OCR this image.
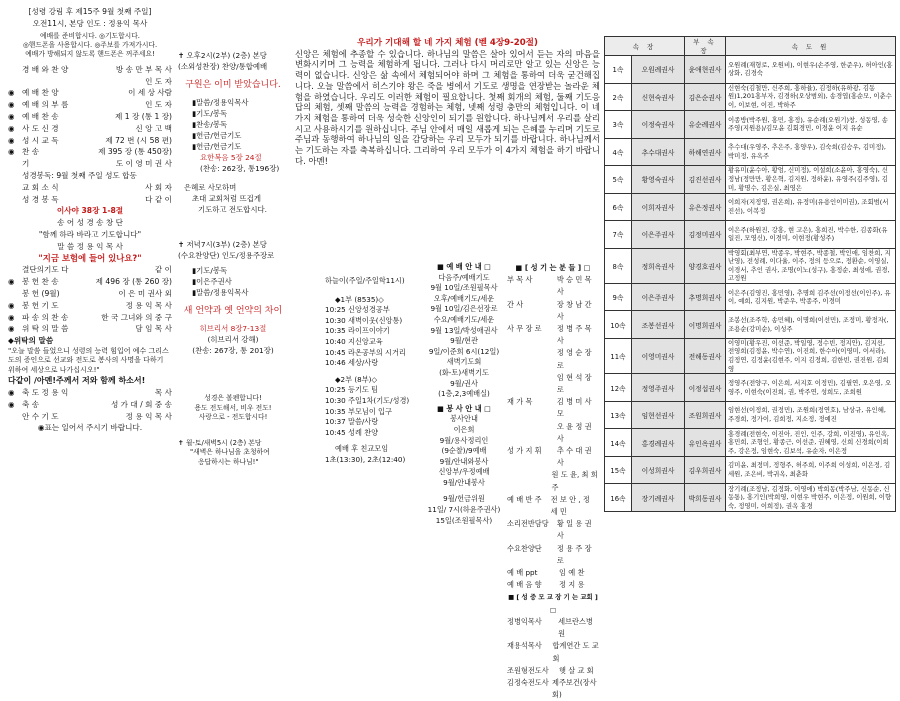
[성령 강림 후 제15주 9월 첫째 주일]
오전11시, 본당 인도 : 정용익 목사
예배를 준비합시다. ◎기도합시다.
◎핸드폰을 사용합시다. ◎주보를 가져가시다.
예배가 방해되지 않도록 핸드폰은 꺼주세요!
경 배 와 찬 양	방 송 만 부 목 사
인 도 자
◉ 예 배 찬 양	이 세 상 사람
◉ 예 배 의 부 름	인 도 자
◉ 예 배 찬 송	제 1 장 (통 1 장)
◉ 사 도 신 경	신 앙 고 백
◉ 성 시 교 독	제 72 번 (시 58 편)
◉ 찬 송	제 395 장 (통 450장)
기	도 이 영 미 권 사
성경봉독: 9월 첫째 주일 성도 합동
교 회 소 식	사 회 자
성 경 봉 독	다 같 이
이사야 38장 1-8절
송 어 성 경 송 창 단
"함께 하라 바라고 기도합니다"
말 씀 정 용 익 목 사
"지금 보험에 들어 있나요?"
결단의기도 다	같 이
◉ 봉 헌 찬 송	제 496 장 (통 260 장)
봉 헌 (9월)	이 은 미 권사 외
◉ 봉 헌 기 도	정 용 익 목 사
◉ 파 송 의 찬 송	한 국 그녀와 의 중 구
◉ 위 탁 의 말 씀	담 임 목 사
◆위탁의 말씀
"오늘 말씀 들었으니 성령의 능력 힘입어 예수 그리스도의 증인으로 선교와 전도로 봉사의 사명을 다하기 위하여 세상으로 나가십시오!"
다같이 /아멘!주께서 저와 함께 하소서!
◉ 축 도 정 용 익	목 사
◉ 축 송	성 가 대 / 회 중 송
안 수 기 도	정 용 익 목 사
◉표는 일어서 주시기 바랍니다.
✝ 오후2시(2부) (2층) 본당
(소외성찬장) 찬양/통합예배
구원은 이미 받았습니다.
▮말씀/정용익목사
▮기도/봉독
▮찬송/봉독
▮헌금/헌금기도
▮헌금/헌금기도
요한복음 5장 24절
(찬송: 262장, 통196장)
은혜로 사모하며
초대 교회처럼 뜨겁게
기도하고 전도합시다.
✝ 저녁7시(3부) (2층) 본당
(수요찬양단) 인도/정용주장로
▮기도/봉독
▮이은주권사
▮말씀/정용익목사
새 언약과 옛 언약의 차이
히브리서 8장7-13절
(히브리서 강해)
(찬송: 267장, 통 201장)
성경은 볼펜합니다!
용도 전도해서, 비우 전도!
사랑으로 - 전도합시다!
✝ 월-토/새벽5시 (2층) 본당
"새벽은 하나님을 초청하여
응답하시는 하나님!"
우리가 기대해 할 네 가지 체험 (벧 4장9-20절)
신앙은 체험에 추종할 수 있습니다. 하나님의 말씀은 살아 있어서 듣는 자의 마음을 변화시키며 그 능력을 체험하게 됩니다. 그러나 다시 머리로만 알고 있는 신앙은 능력이 없습니다. 신앙은 삶 속에서 체험되어야 하며 그 체험을 통하여 더욱 굳건해집니다. 오늘 말씀에서 히스기야 왕은 죽을 병에서 기도로 생명을 연장받는 놀라운 체험을 하였습니다. 우리도 이러한 체험이 필요합니다. 첫째 회개의 체험, 둘째 기도응답의 체험, 셋째 말씀의 능력을 경험하는 체험, 넷째 성령 충만의 체험입니다. 이 네 가지 체험을 통하여 더욱 성숙한 신앙인이 되기를 원합니다. 하나님께서 우리를 살리시고 사용하시기를 원하십니다. 주님 안에서 매일 새롭게 되는 은혜를 누리며 기도로 주님과 동행하여 하나님의 일을 감당하는 우리 모두가 되기를 바랍니다. 하나님께서는 기도하는 자를 축복하십니다. 그리하여 우리 모두가 이 4가지 체험을 하기 바랍니다. 아멘!
하늘이(주일/주일학11시)
◆1부 (8535)◇
10:25 신앙성경공부
10:30 새벽이웃(신앙통)
10:35 라이프이야기
10:40 지신앙교육
10:45 라온공부의 시거리
10:46 세상/사랑
◆2부 (8부)◇
10:25 등기도 팀
10:30 주일1차(기도/성경)
10:35 부모님이 입구
10:37 말씀/사랑
10:45 성례 찬양
예배 후 친교모임
1초(13:30), 2초(12:40)
■ 예 배 안 내 □
다음주/예배기도
9월 10일/조원필목사
오후/예배기도/세운
9월 10일/김은선장로
수요/예배기도/세운
9월 13일/박성애권사
9월/현관
9일/이준희 6시(12일)
새벽기도회
(화-토)새벽기도
9월/권사
(1층,2,3예배실)
■ 봉 사 안 내 □
봉사안내
이은희
9월/용사정리인
(9순찰)/9예배
9월/안내와봉사
신앙부/우정예배
9월/안내봉사
9월/헌금위원
11일/ 7시(하윤주권사)
15일(조원필목사)
■ [ 성 기 는 분 들 ] □
부 목 사	박 승 민 목 사
간 사	장 창 남 간 사
사 무 장 로	정 병 주 목 사
정 영 순 장 로
임 현 석 장 로
재 가 목	김 병 미 사 모
오 윤 정 권 사
성 가 지 휘	추 수 대 권 사
원 도 윤, 최 희 주
예 배 반 주	전 보 안 , 정 세 민
소리전반담당	황 일 용 권 사
수요찬양단	정 용 주 장 로
예 배 ppt	임 예 찬
예 배 음 향	정 지 용
■ [ 성 중 모 교 장 기 는 교회 ] □
정병익목사	세브란스병원
재용석목사	합계연간 도 교회
조원형전도사	햇 살 교 회
김정숙전도사 제주보건(장사회)
속 장		부 속 장	속 도 원
1속	오원례권사	윤애현권사	오원례(재형로, 오원비), 이현우(손주영, 한준우), 허아인(홍상화, 김경숙
2속	신현숙권사	김은순권사	신현숙(김철만, 신주희, 홍하율), 김정하(유하광, 김동원)1,201홍부자, 김경하(오상범외), 송경엽(홍순모, 이춘수 이, 이보현, 이진, 박하주
3속	이정숙권사	유순례권사	이종방(박주원, 홍민, 홍정), 유순례(오원기)창, 성동영, 송주영(지원용)/김모윤 김회경민, 이경윤 이지 유순
4속	추수대권사	하해연권사	추수대(우영주, 추은주, 홍양우), 김숙희(김승우, 김미정), 박미정, 유옥주
5속	황영숙권사	김진선권사	황유미(윤수아, 황엄, 신미정), 이설희(소윤아, 홍영숙), 신정남(정만만, 황은혁, 김지원, 정하윤), 유영주(김주영), 김미, 황명수, 김은실, 최영은
6속	이희자권사	유은정권사	이희자(지정영, 권온희), 유정미(유용인이미권), 조회범(서진선), 이복정
7속	이은주권사	김정미권사	이은주(하원진, 강홍, 현 고은), 홍희진, 박수한, 김종화(유일진, 모영신), 이경미, 이현정(황성주)
8속	정희옥권사	양경호권사	박영회(최부연, 박종우, 박현주, 박종철, 박인애, 임찬희, 지난영), 전성례, 이다율, 이주, 정의 등으로, 정환순, 이영실, 이경서, 추인 권사, 조명(이노(성구), 홍정순, 최성애, 권경, 고정원
9속	이은주권사	추명희권사	이은주(김영진, 홍민영), 추명희 김주선(이정선(이인주), 유이, 예희, 김지원, 박준우, 박종주, 이경미
10속	조봉선권사	이명희권사	조봉선(조주학, 송민혜), 이명희(이선민), 조정미, 황정자(, 조용순(강미순), 이성주
11속	이영미권사	전해동권사	이영미(황우진, 이선준, 박일영, 정수빈, 정지안), 김지선, 전영희(김정윤, 박수연), 이진희, 한수아(이영미, 이서라), 김정연, 김정윤(김현주, 이지 김정희, 김한빈, 권진원, 김희영
12속	정영주권사	이정섭권사	정영주(전양구, 이은희, 서지호 이정민), 김필연, 오은영, 오영주, 이현숙(이진희, 권, 박주연, 성희도, 조희원
13속	임현선권사	조원희권사	임현선(이정희, 권정민), 조원희(정연호), 남상규, 유인혜, 주경희, 정가이, 김희정, 지소정, 정예진
14속	홍경례권사	유인옥권사	홍경례(전현숙, 이진아, 진인, 인주, 강희, 이진영), 유인옥, 홍민희, 조형인, 황종근, 이선준, 권혜영, 신희 신경희(이희주, 강은정, 임현숙, 김보석, 유순자, 이은정
15속	이성희권사	김우희권사	김미윤, 최정미, 정형주, 허주희, 이주희 이성희, 이은정, 김세원, 조은비, 박귀옥, 최춘화
16속	장기례권사	박희동권사	장기례(조정남, 김정화, 이영애) 박희동(박주남, 신동순, 신동통), 홍기인(박희영, 이현우 박현주, 이은정, 이원희, 이향숙, 정영미, 이희정), 권옥 홍경
